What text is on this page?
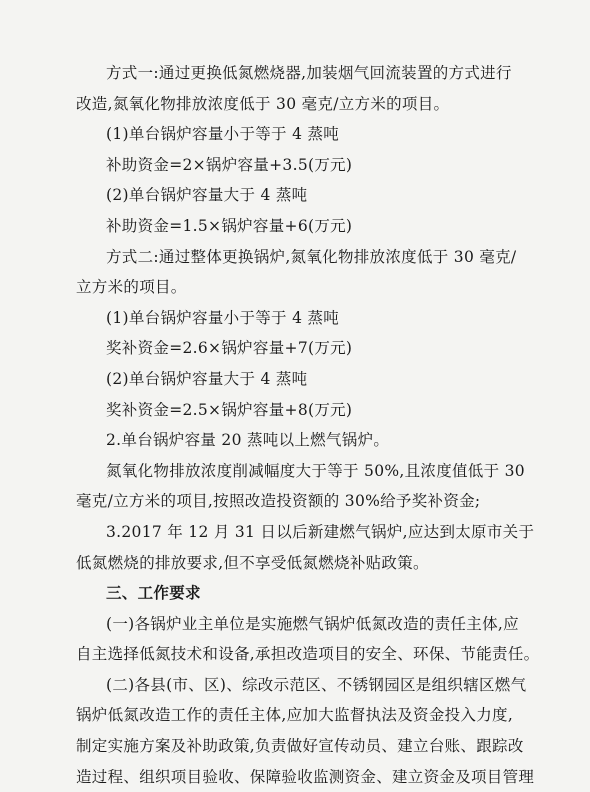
方式一:通过更换低氮燃烧器,加装烟气回流装置的方式进行
改造,氮氧化物排放浓度低于 30 毫克/立方米的项目。
(1)单台锅炉容量小于等于 4 蒸吨
补助资金=2×锅炉容量+3.5(万元)
(2)单台锅炉容量大于 4 蒸吨
补助资金=1.5×锅炉容量+6(万元)
方式二:通过整体更换锅炉,氮氧化物排放浓度低于 30 毫克/
立方米的项目。
(1)单台锅炉容量小于等于 4 蒸吨
奖补资金=2.6×锅炉容量+7(万元)
(2)单台锅炉容量大于 4 蒸吨
奖补资金=2.5×锅炉容量+8(万元)
2.单台锅炉容量 20 蒸吨以上燃气锅炉。
氮氧化物排放浓度削减幅度大于等于 50%,且浓度值低于 30
毫克/立方米的项目,按照改造投资额的 30%给予奖补资金;
3.2017 年 12 月 31 日以后新建燃气锅炉,应达到太原市关于
低氮燃烧的排放要求,但不享受低氮燃烧补贴政策。
三、工作要求
(一)各锅炉业主单位是实施燃气锅炉低氮改造的责任主体,应
自主选择低氮技术和设备,承担改造项目的安全、环保、节能责任。
(二)各县(市、区)、综改示范区、不锈钢园区是组织辖区燃气
锅炉低氮改造工作的责任主体,应加大监督执法及资金投入力度,
制定实施方案及补助政策,负责做好宣传动员、建立台账、跟踪改
造过程、组织项目验收、保障验收监测资金、建立资金及项目管理
